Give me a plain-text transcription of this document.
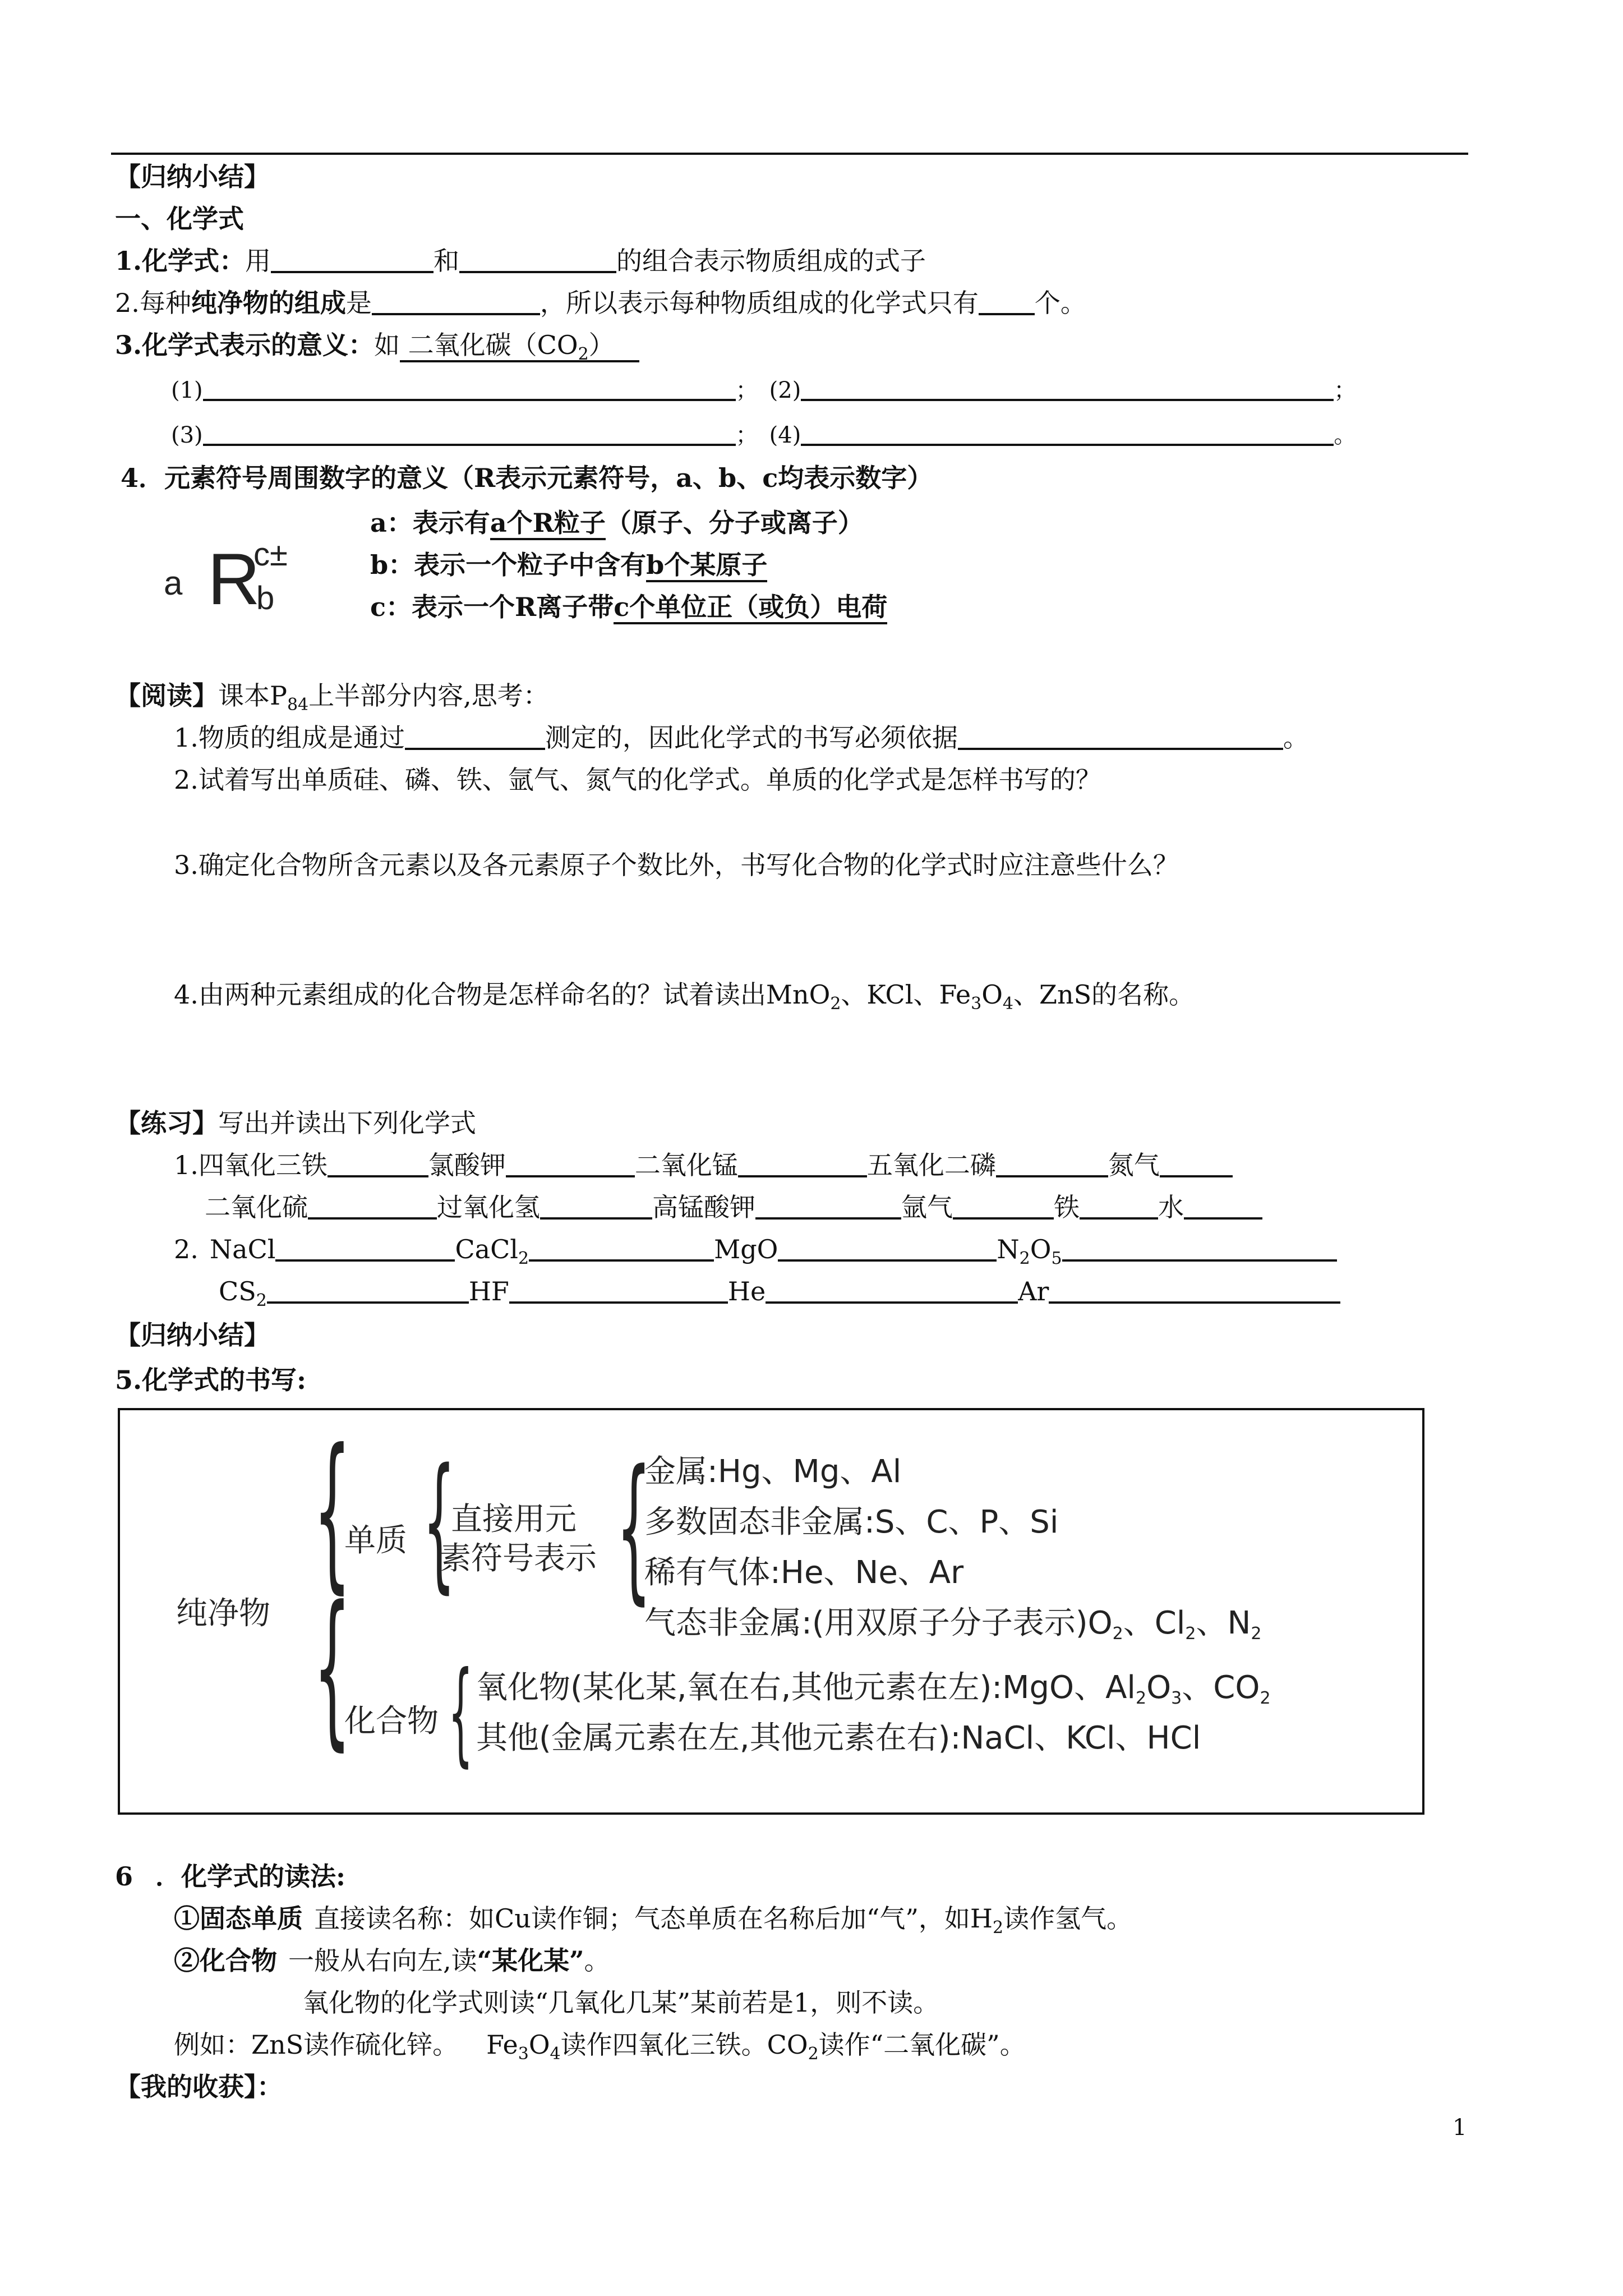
【归纳小结】
一、化学式
1.化学式：用	和	的组合表示物质组成的式子
2.每种纯净物的组成是	，所以表示每种物质组成的化学式只有 个。
3.化学式表示的意义：如 二氧化碳$(CO_2)$
(1)	； (2)	；
(3)	； (4)	。
4．元素符号周围数字的意义（R表示元素符号，a、b、c均表示数字）
a R
c±
b
a：表示有a个R粒子（原子、分子或离子）
b：表示一个粒子中含有b个某原子
c：表示一个R离子带c个单位正（或负）电荷
【阅读】课本$P_{84}$上半部分内容,思考：
1.物质的组成是通过	测定的，因此化学式的书写必须依据	。
2.试着写出单质硅、磷、铁、氩气、氮气的化学式。单质的化学式是怎样书写的？
3.确定化合物所含元素以及各元素原子个数比外，书写化合物的化学式时应注意些什么？
4.由两种元素组成的化合物是怎样命名的？试着读出MnO$_2$、KCl、$Fe_3O_4$、ZnS的名称。
【练习】写出并读出下列化学式
1.四氧化三铁	氯酸钾	二氧化锰	五氧化二磷	氮气
二氧化硫	过氧化氢	高锰酸钾	氩气	铁	水
2. NaCl	CaCl$_2$	MgO	$N_2O_5$
$CS_2$	HF	He	Ar
【归纳小结】
5.化学式的书写:
纯净物
{
{
单质 {
直接用元
素符号表示 {
金属:Hg、Mg、Al
多数固态非金属:S、C、P、Si
稀有气体:He、Ne、Ar
气态非金属:(用双原子分子表示)$O_2$、$Cl_2$、$N_2$
化合物 { 氧化物(某化某,氧在右,其他元素在左):MgO、$Al_2O_3$、$CO_2$
其他(金属元素在左,其他元素在右):NaCl、KCl、HCl
6 ．化学式的读法:
①固态单质 直接读名称：如Cu读作铜；气态单质在名称后加“气”，如$H_2$读作氢气。
②化合物 一般从右向左,读“某化某”。
氧化物的化学式则读“几氧化几某”某前若是1，则不读。
例如：ZnS读作硫化锌。 $Fe_3O_4$读作四氧化三铁。$CO_2$读作“二氧化碳”。
【我的收获】：
1
